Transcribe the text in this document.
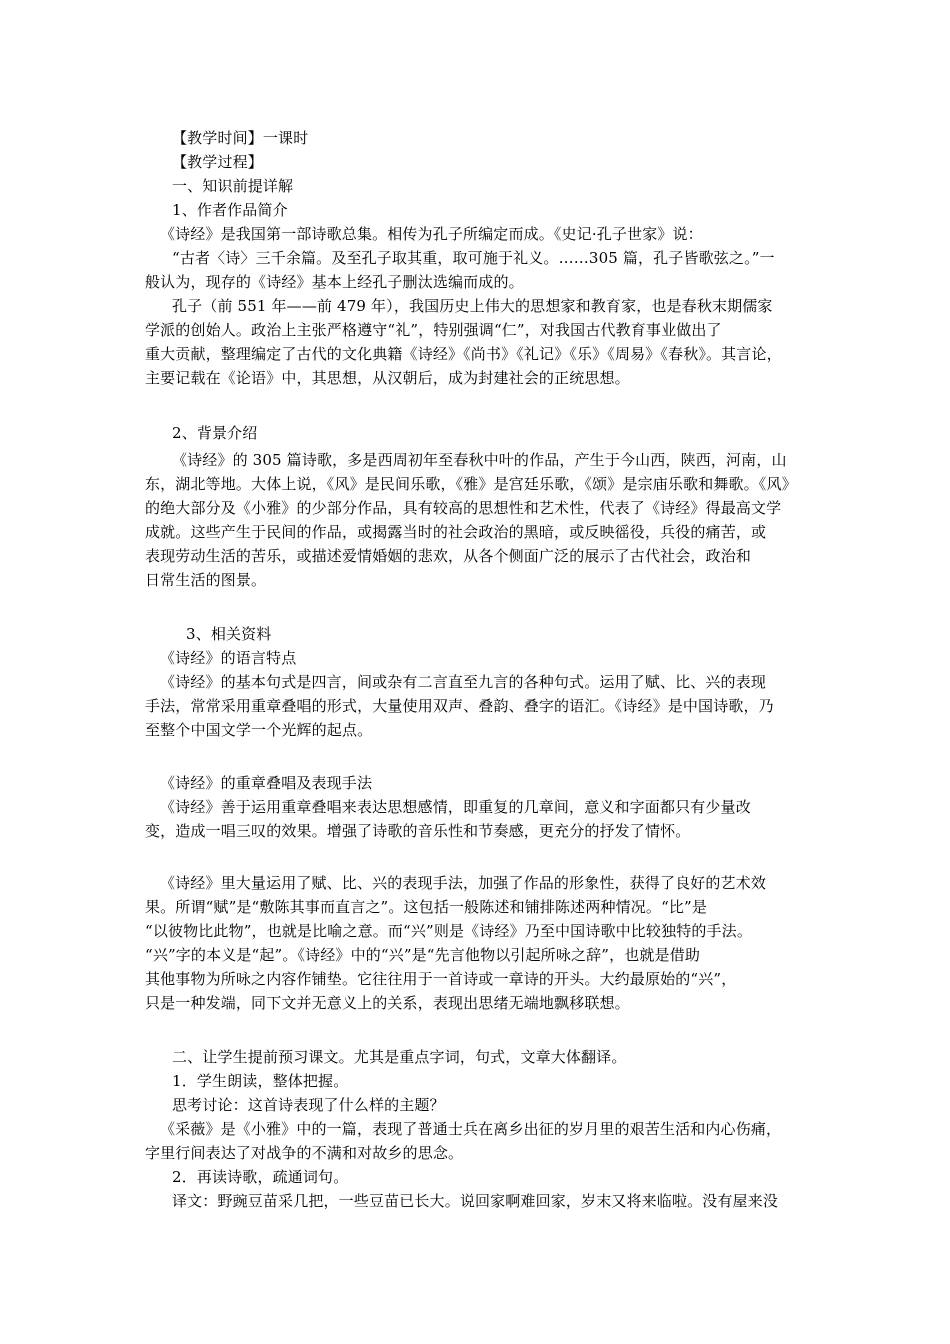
【教学时间】一课时
【教学过程】
一、知识前提详解
1、作者作品简介
《诗经》是我国第一部诗歌总集。相传为孔子所编定而成。《史记·孔子世家》说：
“古者〈诗〉三千余篇。及至孔子取其重，取可施于礼义。……305 篇，孔子皆歌弦之。”一
般认为，现存的《诗经》基本上经孔子删汰选编而成的。
孔子（前 551 年——前 479 年），我国历史上伟大的思想家和教育家，也是春秋末期儒家
学派的创始人。政治上主张严格遵守“礼”，特别强调“仁”，对我国古代教育事业做出了
重大贡献，整理编定了古代的文化典籍《诗经》《尚书》《礼记》《乐》《周易》《春秋》。其言论，
主要记载在《论语》中，其思想，从汉朝后，成为封建社会的正统思想。
2、背景介绍
《诗经》的 305 篇诗歌，多是西周初年至春秋中叶的作品，产生于今山西，陕西，河南，山
东，湖北等地。大体上说，《风》是民间乐歌，《雅》是宫廷乐歌，《颂》是宗庙乐歌和舞歌。《风》
的绝大部分及《小雅》的少部分作品，具有较高的思想性和艺术性，代表了《诗经》得最高文学
成就。这些产生于民间的作品，或揭露当时的社会政治的黑暗，或反映徭役，兵役的痛苦，或
表现劳动生活的苦乐，或描述爱情婚姻的悲欢，从各个侧面广泛的展示了古代社会，政治和
日常生活的图景。
3、相关资料
《诗经》的语言特点
《诗经》的基本句式是四言，间或杂有二言直至九言的各种句式。运用了赋、比、兴的表现
手法，常常采用重章叠唱的形式，大量使用双声、叠韵、叠字的语汇。《诗经》是中国诗歌，乃
至整个中国文学一个光辉的起点。
《诗经》的重章叠唱及表现手法
《诗经》善于运用重章叠唱来表达思想感情，即重复的几章间，意义和字面都只有少量改
变，造成一唱三叹的效果。增强了诗歌的音乐性和节奏感，更充分的抒发了情怀。
《诗经》里大量运用了赋、比、兴的表现手法，加强了作品的形象性，获得了良好的艺术效
果。所谓“赋”是“敷陈其事而直言之”。这包括一般陈述和铺排陈述两种情况。“比”是
“以彼物比此物”，也就是比喻之意。而“兴”则是《诗经》乃至中国诗歌中比较独特的手法。
“兴”字的本义是“起”。《诗经》中的“兴”是“先言他物以引起所咏之辞”，也就是借助
其他事物为所咏之内容作铺垫。它往往用于一首诗或一章诗的开头。大约最原始的“兴”，
只是一种发端，同下文并无意义上的关系，表现出思绪无端地飘移联想。
二、让学生提前预习课文。尤其是重点字词，句式，文章大体翻译。
1．学生朗读，整体把握。
思考讨论：这首诗表现了什么样的主题？
《采薇》是《小雅》中的一篇，表现了普通士兵在离乡出征的岁月里的艰苦生活和内心伤痛，
字里行间表达了对战争的不满和对故乡的思念。
2．再读诗歌，疏通词句。
译文：野豌豆苗采几把，一些豆苗已长大。说回家啊难回家，岁末又将来临啦。没有屋来没
